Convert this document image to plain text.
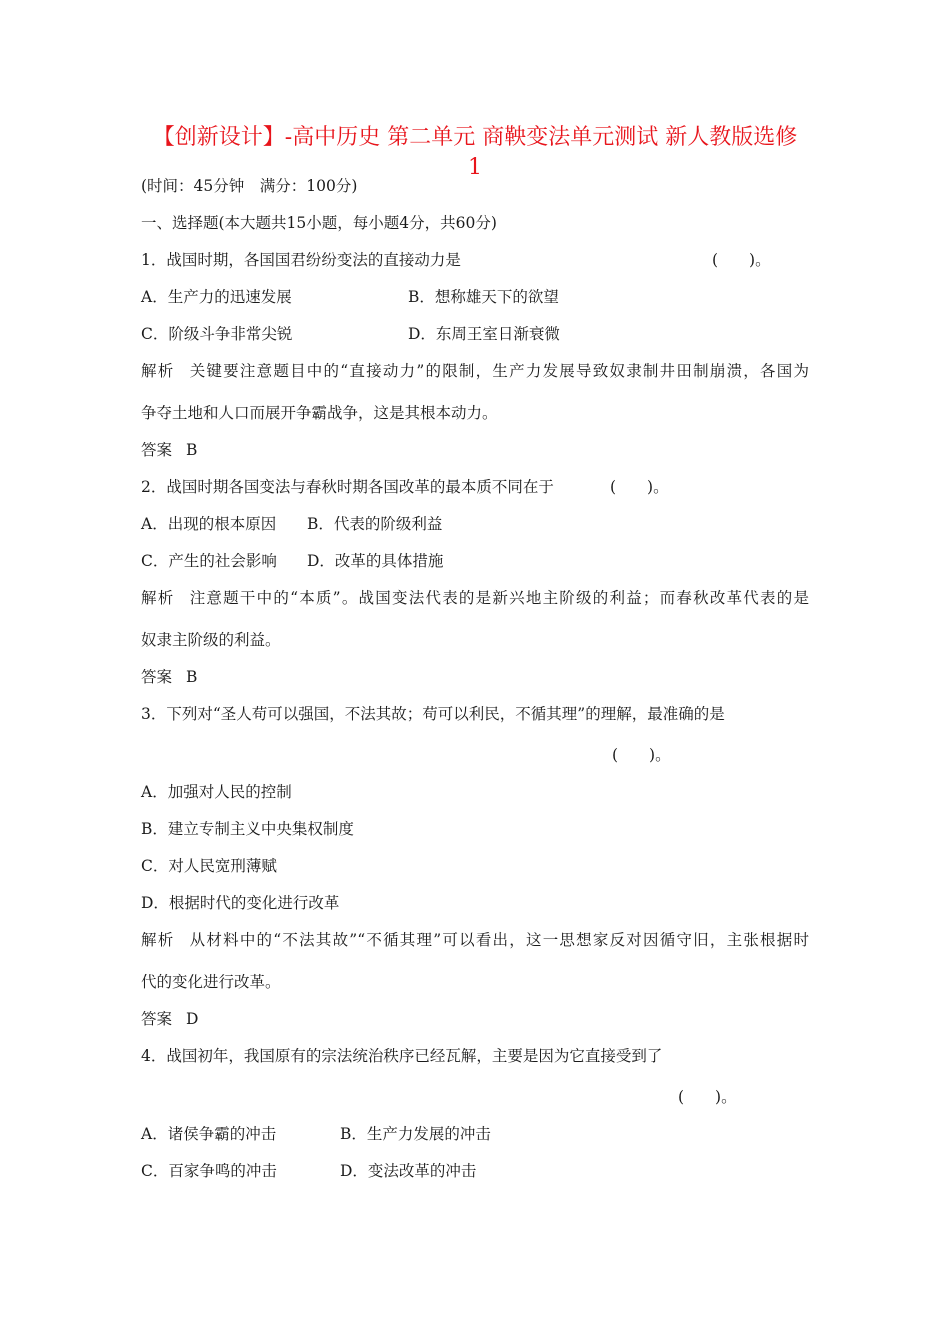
【创新设计】-高中历史 第二单元 商鞅变法单元测试 新人教版选修
1
(时间：45分钟　满分：100分)
一、选择题(本大题共15小题，每小题4分，共60分)
1．战国时期，各国国君纷纷变法的直接动力是	(　　)。
A．生产力的迅速发展	B．想称雄天下的欲望
C．阶级斗争非常尖锐	D．东周王室日渐衰微
解析 关键要注意题目中的“直接动力”的限制，生产力发展导致奴隶制井田制崩溃，各国为
争夺土地和人口而展开争霸战争，这是其根本动力。
答案 B
2．战国时期各国变法与春秋时期各国改革的最本质不同在于	(　　)。
A．出现的根本原因 B．代表的阶级利益
C．产生的社会影响 D．改革的具体措施
解析 注意题干中的“本质”。战国变法代表的是新兴地主阶级的利益；而春秋改革代表的是
奴隶主阶级的利益。
答案 B
3．下列对“圣人苟可以强国，不法其故；苟可以利民，不循其理”的理解，最准确的是
(　　)。
A．加强对人民的控制
B．建立专制主义中央集权制度
C．对人民宽刑薄赋
D．根据时代的变化进行改革
解析 从材料中的“不法其故”“不循其理”可以看出，这一思想家反对因循守旧，主张根据时
代的变化进行改革。
答案 D
4．战国初年，我国原有的宗法统治秩序已经瓦解，主要是因为它直接受到了
(　　)。
A．诸侯争霸的冲击	B．生产力发展的冲击
C．百家争鸣的冲击	D．变法改革的冲击
